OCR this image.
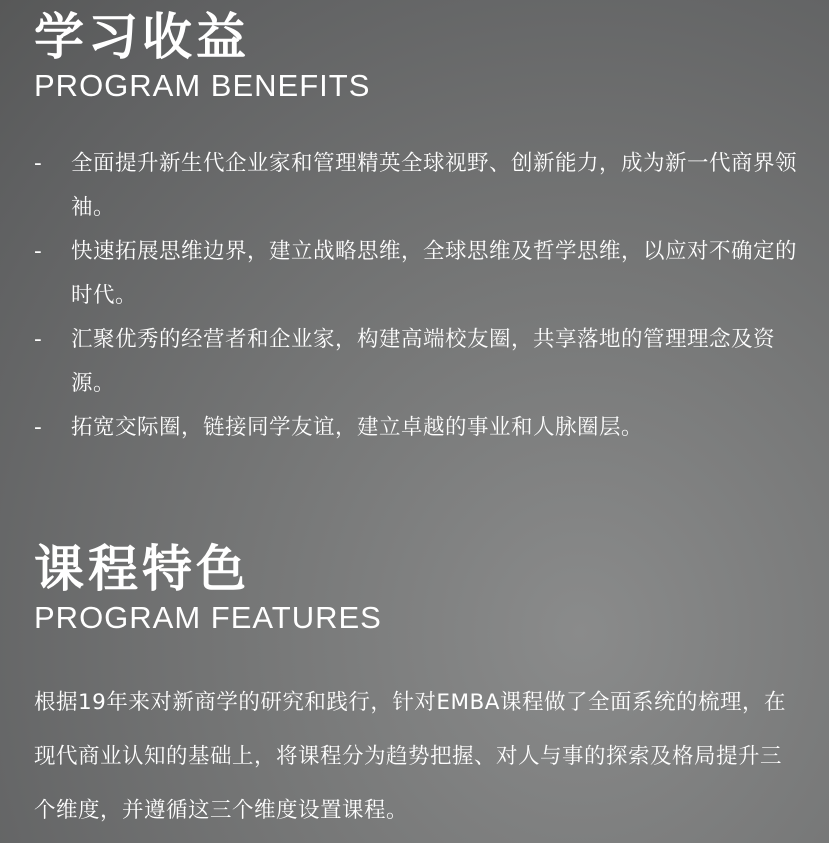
学习收益
PROGRAM BENEFITS
-	全面提升新生代企业家和管理精英全球视野、创新能力，成为新一代商界领袖。
-	快速拓展思维边界，建立战略思维，全球思维及哲学思维，以应对不确定的时代。
-	汇聚优秀的经营者和企业家，构建高端校友圈，共享落地的管理理念及资源。
-	拓宽交际圈，链接同学友谊，建立卓越的事业和人脉圈层。
课程特色
PROGRAM FEATURES

根据19年来对新商学的研究和践行，针对EMBA课程做了全面系统的梳理，在现代商业认知的基础上，将课程分为趋势把握、对人与事的探索及格局提升三个维度，并遵循这三个维度设置课程。
